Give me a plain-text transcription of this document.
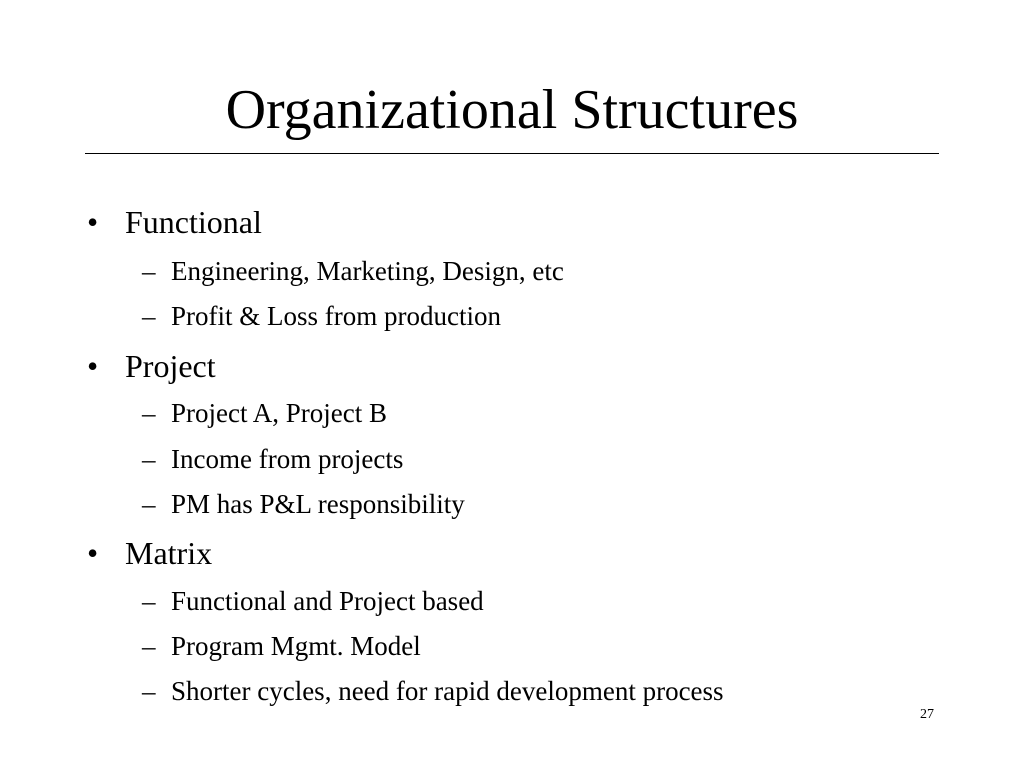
Organizational Structures
• Functional
– Engineering, Marketing, Design, etc
– Profit & Loss from production
• Project
– Project A, Project B
– Income from projects
– PM has P&L responsibility
• Matrix
– Functional and Project based
– Program Mgmt. Model
– Shorter cycles, need for rapid development process
27
